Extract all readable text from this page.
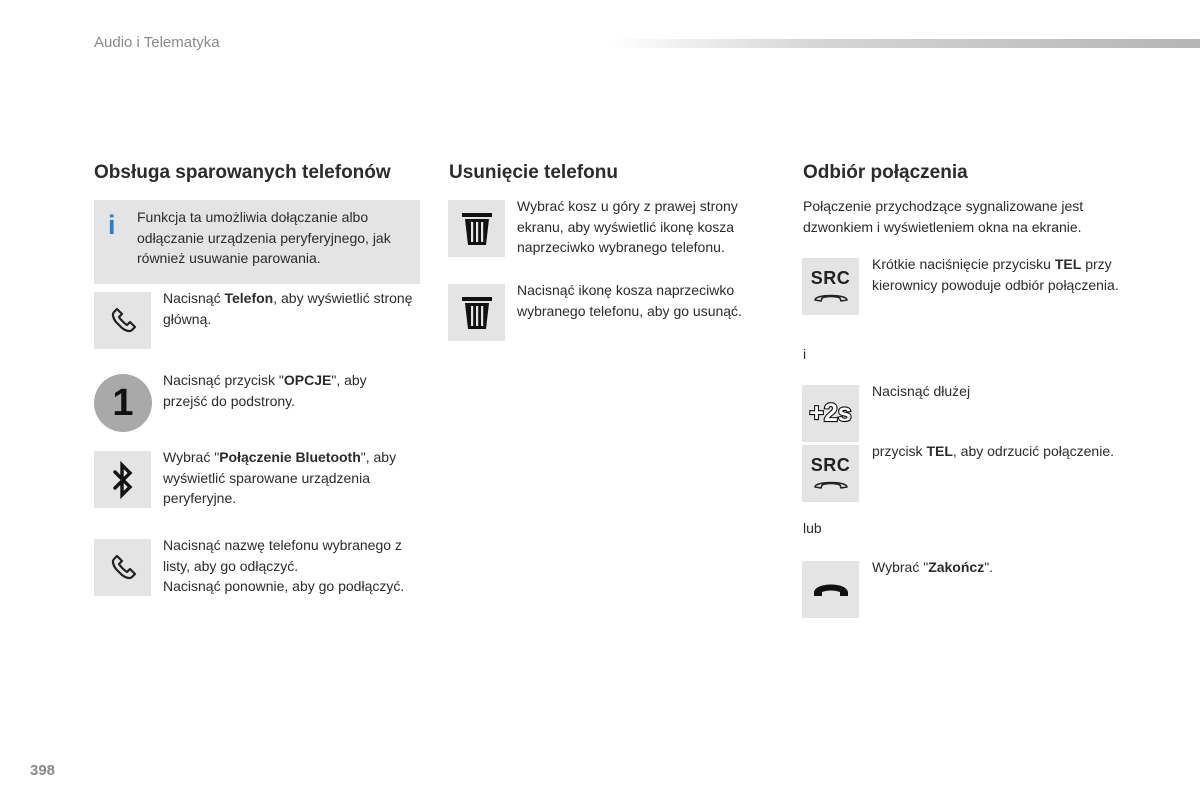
Audio i Telematyka
Obsługa sparowanych telefonów
i Funkcja ta umożliwia dołączanie albo odłączanie urządzenia peryferyjnego, jak również usuwanie parowania.
Nacisnąć Telefon, aby wyświetlić stronę główną.
1
Nacisnąć przycisk "OPCJE", aby przejść do podstrony.
Wybrać "Połączenie Bluetooth", aby wyświetlić sparowane urządzenia peryferyjne.
Nacisnąć nazwę telefonu wybranego z listy, aby go odłączyć.
Nacisnąć ponownie, aby go podłączyć.
Usunięcie telefonu
Wybrać kosz u góry z prawej strony ekranu, aby wyświetlić ikonę kosza naprzeciwko wybranego telefonu.
Nacisnąć ikonę kosza naprzeciwko wybranego telefonu, aby go usunąć.
Odbiór połączenia
Połączenie przychodzące sygnalizowane jest dzwonkiem i wyświetleniem okna na ekranie.
SRC
Krótkie naciśnięcie przycisku TEL przy kierownicy powoduje odbiór połączenia.
i
+2s
Nacisnąć dłużej
SRC
przycisk TEL, aby odrzucić połączenie.
lub
Wybrać "Zakończ".
398
